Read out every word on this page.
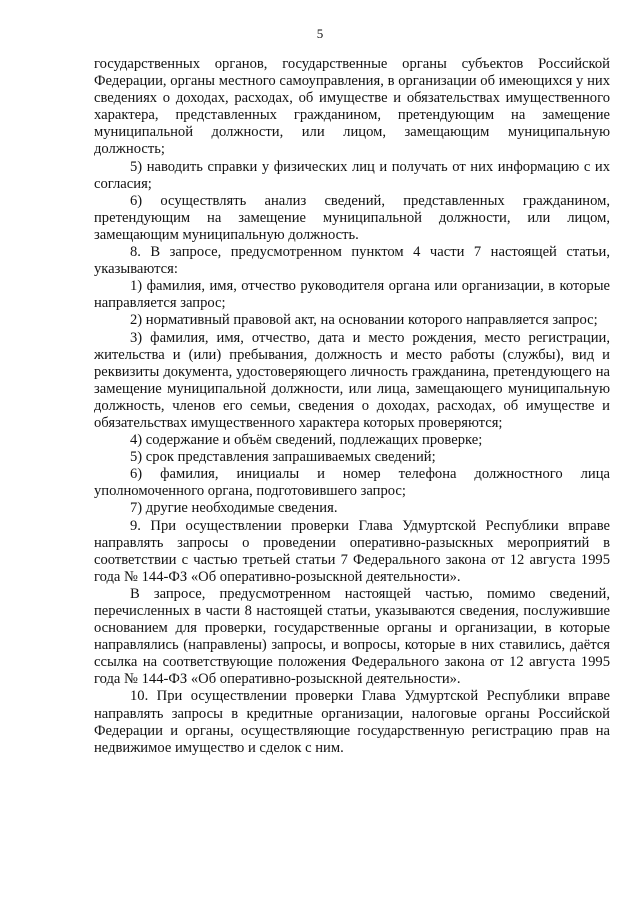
5

государственных органов, государственные органы субъектов Российской Федерации, органы местного самоуправления, в организации об имеющихся у них сведениях о доходах, расходах, об имуществе и обязательствах имущественного характера, представленных гражданином, претендующим на замещение муниципальной должности, или лицом, замещающим муниципальную должность;

5) наводить справки у физических лиц и получать от них информацию с их согласия;

6) осуществлять анализ сведений, представленных гражданином, претендующим на замещение муниципальной должности, или лицом, замещающим муниципальную должность.

8. В запросе, предусмотренном пунктом 4 части 7 настоящей статьи, указываются:

1) фамилия, имя, отчество руководителя органа или организации, в которые направляется запрос;

2) нормативный правовой акт, на основании которого направляется запрос;

3) фамилия, имя, отчество, дата и место рождения, место регистрации, жительства и (или) пребывания, должность и место работы (службы), вид и реквизиты документа, удостоверяющего личность гражданина, претендующего на замещение муниципальной должности, или лица, замещающего муниципальную должность, членов его семьи, сведения о доходах, расходах, об имуществе и обязательствах имущественного характера которых проверяются;

4) содержание и объём сведений, подлежащих проверке;

5) срок представления запрашиваемых сведений;

6) фамилия, инициалы и номер телефона должностного лица уполномоченного органа, подготовившего запрос;

7) другие необходимые сведения.

9. При осуществлении проверки Глава Удмуртской Республики вправе направлять запросы о проведении оперативно-разыскных мероприятий в соответствии с частью третьей статьи 7 Федерального закона от 12 августа 1995 года № 144-ФЗ «Об оперативно-розыскной деятельности».

В запросе, предусмотренном настоящей частью, помимо сведений, перечисленных в части 8 настоящей статьи, указываются сведения, послужившие основанием для проверки, государственные органы и организации, в которые направлялись (направлены) запросы, и вопросы, которые в них ставились, даётся ссылка на соответствующие положения Федерального закона от 12 августа 1995 года № 144-ФЗ «Об оперативно-розыскной деятельности».

10. При осуществлении проверки Глава Удмуртской Республики вправе направлять запросы в кредитные организации, налоговые органы Российской Федерации и органы, осуществляющие государственную регистрацию прав на недвижимое имущество и сделок с ним.
